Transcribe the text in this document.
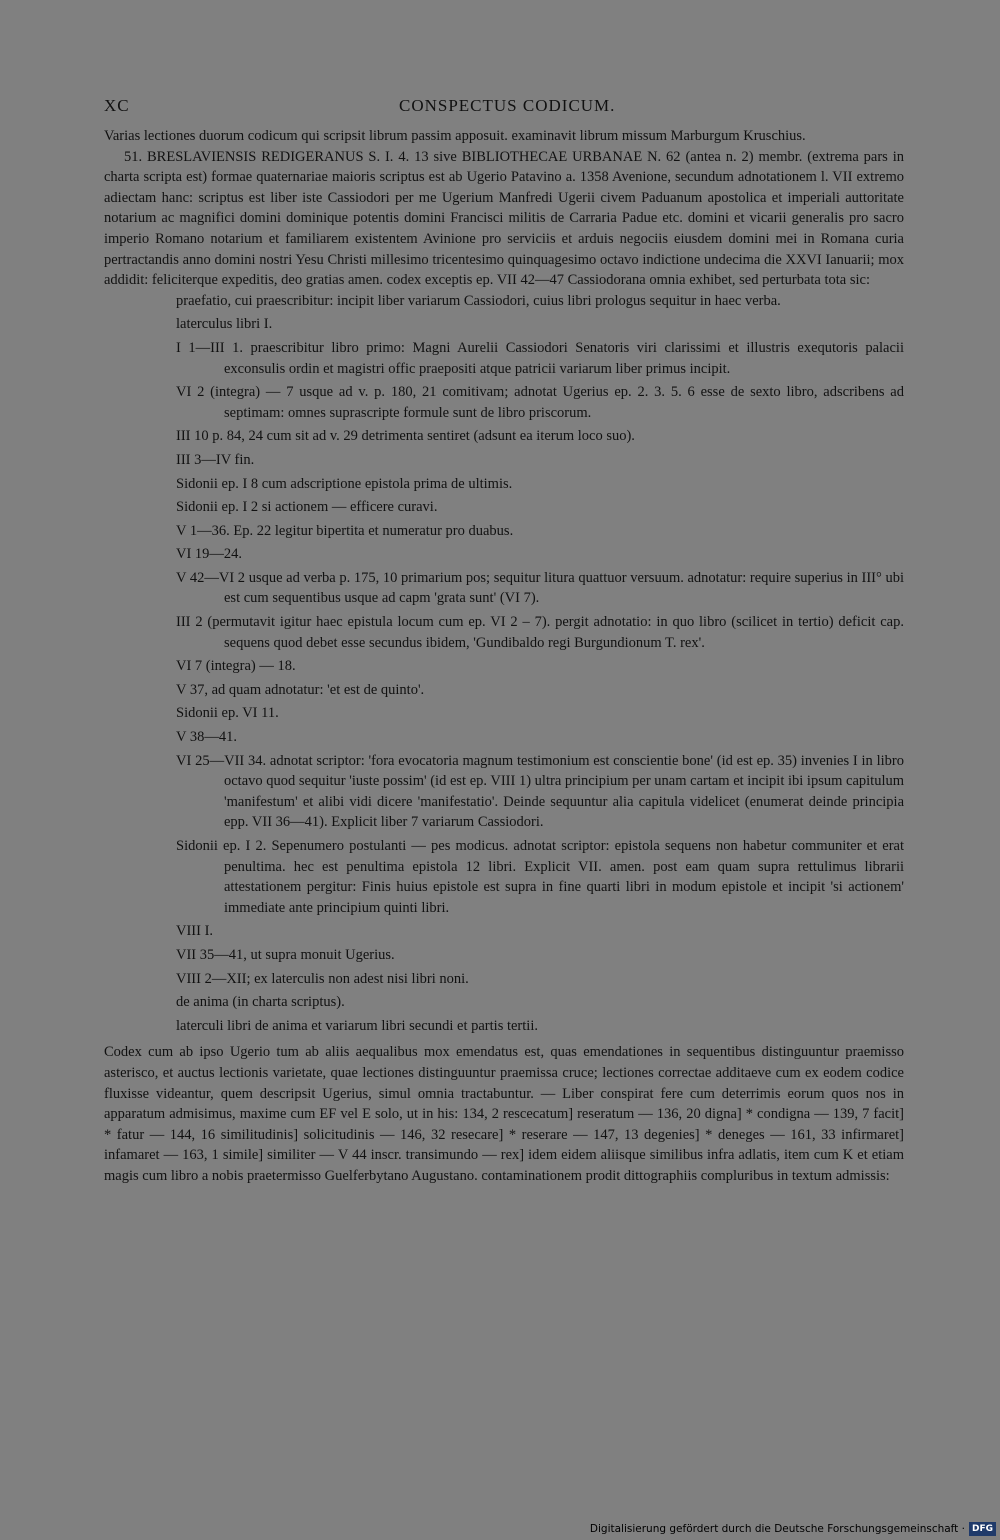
XC	CONSPECTUS CODICUM.

Varias lectiones duorum codicum qui scripsit librum passim apposuit. examinavit librum missum Marburgum Kruschius.

51. BRESLAVIENSIS REDIGERANUS S. I. 4. 13 sive BIBLIOTHECAE URBANAE N. 62 (antea n. 2) membr. (extrema pars in charta scripta est) formae quaternariae maioris scriptus est ab Ugerio Patavino a. 1358 Avenione, secundum adnotationem l. VII extremo adiectam hanc: scriptus est liber iste Cassiodori per me Ugerium Manfredi Ugerii civem Paduanum apostolica et imperiali auttoritate notarium ac magnifici domini dominique potentis domini Francisci militis de Carraria Padue etc. domini et vicarii generalis pro sacro imperio Romano notarium et familiarem existentem Avinione pro serviciis et arduis negociis eiusdem domini mei in Romana curia pertractandis anno domini nostri Yesu Christi millesimo tricentesimo quinquagesimo octavo indictione undecima die XXVI Ianuarii; mox addidit: feliciterque expeditis, deo gratias amen. codex exceptis ep. VII 42—47 Cassiodorana omnia exhibet, sed perturbata tota sic:

praefatio, cui praescribitur: incipit liber variarum Cassiodori, cuius libri prologus sequitur in haec verba.
laterculus libri I.
I 1—III 1. praescribitur libro primo: Magni Aurelii Cassiodori Senatoris viri clarissimi et illustris exequtoris palacii exconsulis ordin et magistri offic praepositi atque patricii variarum liber primus incipit.
VI 2 (integra) — 7 usque ad v. p. 180, 21 comitivam; adnotat Ugerius ep. 2. 3. 5. 6 esse de sexto libro, adscribens ad septimam: omnes suprascripte formule sunt de libro priscorum.
III 10 p. 84, 24 cum sit ad v. 29 detrimenta sentiret (adsunt ea iterum loco suo).
III 3—IV fin.
Sidonii ep. I 8 cum adscriptione epistola prima de ultimis.
Sidonii ep. I 2 si actionem — efficere curavi.
V 1—36. Ep. 22 legitur bipertita et numeratur pro duabus.
VI 19—24.
V 42—VI 2 usque ad verba p. 175, 10 primarium pos; sequitur litura quattuor versuum. adnotatur: require superius in III° ubi est cum sequentibus usque ad capm 'grata sunt' (VI 7).
III 2 (permutavit igitur haec epistula locum cum ep. VI 2 – 7). pergit adnotatio: in quo libro (scilicet in tertio) deficit cap. sequens quod debet esse secundus ibidem, 'Gundibaldo regi Burgundionum T. rex'.
VI 7 (integra) — 18.
V 37, ad quam adnotatur: 'et est de quinto'.
Sidonii ep. VI 11.
V 38—41.
VI 25—VII 34. adnotat scriptor: 'fora evocatoria magnum testimonium est conscientie bone' (id est ep. 35) invenies I in libro octavo quod sequitur 'iuste possim' (id est ep. VIII 1) ultra principium per unam cartam et incipit ibi ipsum capitulum 'manifestum' et alibi vidi dicere 'manifestatio'. Deinde sequuntur alia capitula videlicet (enumerat deinde principia epp. VII 36—41). Explicit liber 7 variarum Cassiodori.
Sidonii ep. I 2. Sepenumero postulanti — pes modicus. adnotat scriptor: epistola sequens non habetur communiter et erat penultima. hec est penultima epistola 12 libri. Explicit VII. amen. post eam quam supra rettulimus librarii attestationem pergitur: Finis huius epistole est supra in fine quarti libri in modum epistole et incipit 'si actionem' immediate ante principium quinti libri.
VIII I.
VII 35—41, ut supra monuit Ugerius.
VIII 2—XII; ex laterculis non adest nisi libri noni.
de anima (in charta scriptus).
laterculi libri de anima et variarum libri secundi et partis tertii.

Codex cum ab ipso Ugerio tum ab aliis aequalibus mox emendatus est, quas emendationes in sequentibus distinguuntur praemisso asterisco, et auctus lectionis varietate, quae lectiones distinguuntur praemissa cruce; lectiones correctae additaeve cum ex eodem codice fluxisse videantur, quem descripsit Ugerius, simul omnia tractabuntur. — Liber conspirat fere cum deterrimis eorum quos nos in apparatum admisimus, maxime cum EF vel E solo, ut in his: 134, 2 rescecatum] reseratum — 136, 20 digna] * condigna — 139, 7 facit] * fatur — 144, 16 similitudinis] solicitudinis — 146, 32 resecare] * reserare — 147, 13 degenies] * deneges — 161, 33 infirmaret] infamaret — 163, 1 simile] similiter — V 44 inscr. transimundo — rex] idem eidem aliisque similibus infra adlatis, item cum K et etiam magis cum libro a nobis praetermisso Guelferbytano Augustano. contaminationem prodit dittographiis compluribus in textum admissis:

Digitalisierung gefördert durch die Deutsche Forschungsgemeinschaft · DFG
